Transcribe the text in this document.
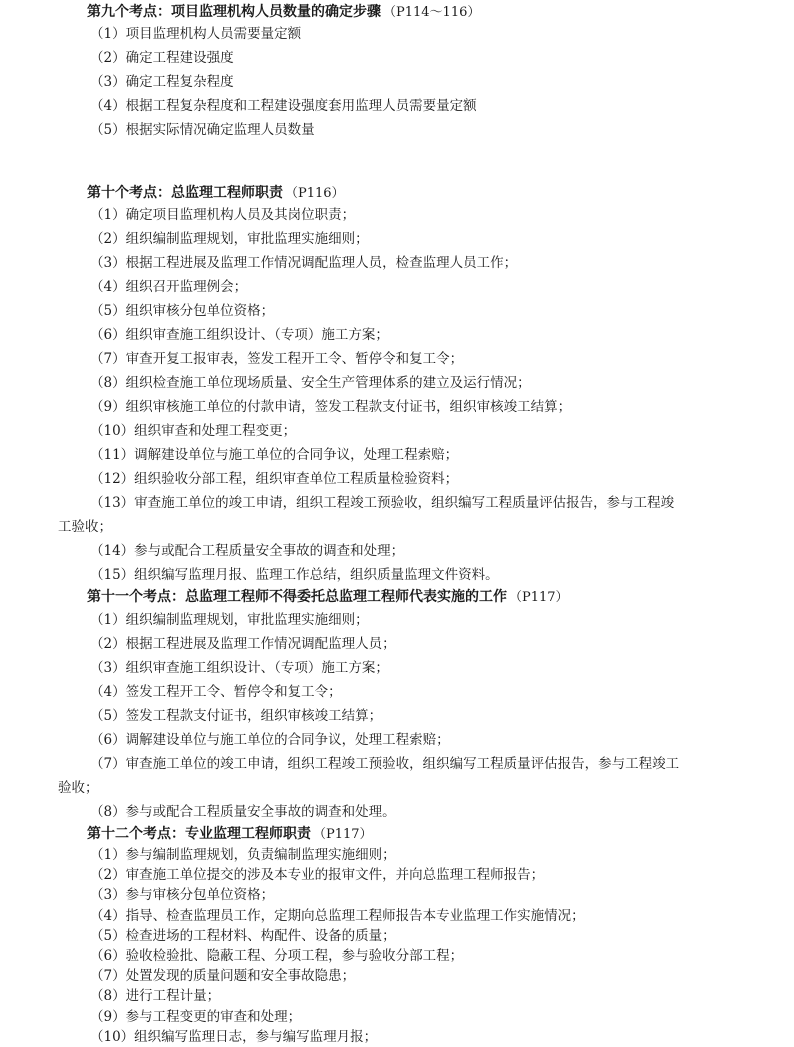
第九个考点：项目监理机构人员数量的确定步骤 （P114～116）
（1）项目监理机构人员需要量定额
（2）确定工程建设强度
（3）确定工程复杂程度
（4）根据工程复杂程度和工程建设强度套用监理人员需要量定额
（5）根据实际情况确定监理人员数量
第十个考点：总监理工程师职责 （P116）
（1）确定项目监理机构人员及其岗位职责；
（2）组织编制监理规划，审批监理实施细则；
（3）根据工程进展及监理工作情况调配监理人员，检查监理人员工作；
（4）组织召开监理例会；
（5）组织审核分包单位资格；
（6）组织审查施工组织设计、（专项）施工方案；
（7）审查开复工报审表，签发工程开工令、暂停令和复工令；
（8）组织检查施工单位现场质量、安全生产管理体系的建立及运行情况；
（9）组织审核施工单位的付款申请，签发工程款支付证书，组织审核竣工结算；
（10）组织审查和处理工程变更；
（11）调解建设单位与施工单位的合同争议，处理工程索赔；
（12）组织验收分部工程，组织审查单位工程质量检验资料；
（13）审查施工单位的竣工申请，组织工程竣工预验收，组织编写工程质量评估报告，参与工程竣
工验收；
（14）参与或配合工程质量安全事故的调查和处理；
（15）组织编写监理月报、监理工作总结，组织质量监理文件资料。
第十一个考点：总监理工程师不得委托总监理工程师代表实施的工作 （P117）
（1）组织编制监理规划，审批监理实施细则；
（2）根据工程进展及监理工作情况调配监理人员；
（3）组织审查施工组织设计、（专项）施工方案；
（4）签发工程开工令、暂停令和复工令；
（5）签发工程款支付证书，组织审核竣工结算；
（6）调解建设单位与施工单位的合同争议，处理工程索赔；
（7）审查施工单位的竣工申请，组织工程竣工预验收，组织编写工程质量评估报告，参与工程竣工
验收；
（8）参与或配合工程质量安全事故的调查和处理。
第十二个考点：专业监理工程师职责 （P117）
（1）参与编制监理规划，负责编制监理实施细则；
（2）审查施工单位提交的涉及本专业的报审文件，并向总监理工程师报告；
（3）参与审核分包单位资格；
（4）指导、检查监理员工作，定期向总监理工程师报告本专业监理工作实施情况；
（5）检查进场的工程材料、构配件、设备的质量；
（6）验收检验批、隐蔽工程、分项工程，参与验收分部工程；
（7）处置发现的质量问题和安全事故隐患；
（8）进行工程计量；
（9）参与工程变更的审查和处理；
（10）组织编写监理日志，参与编写监理月报；
